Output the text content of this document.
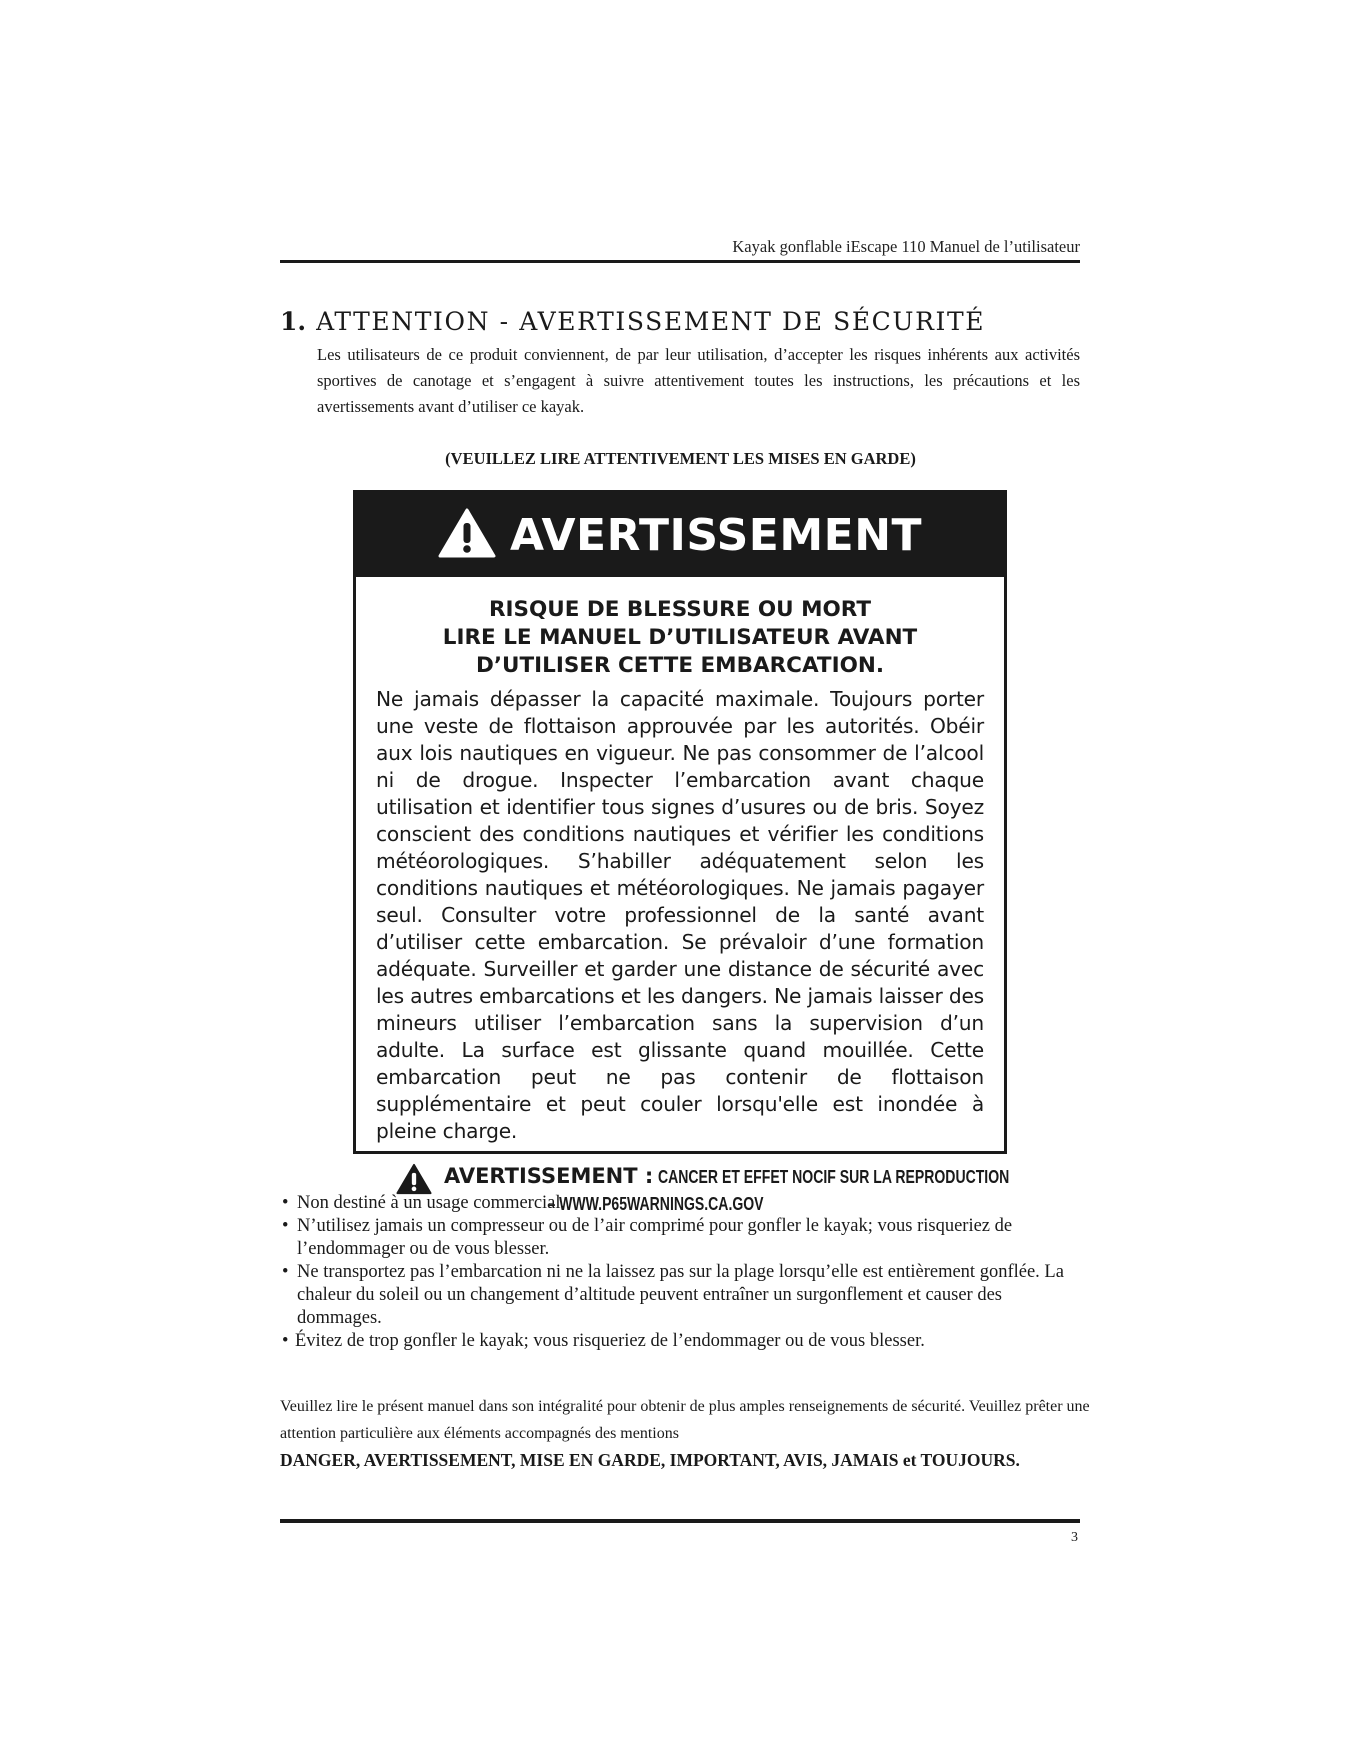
Kayak gonflable iEscape 110 Manuel de l’utilisateur
1. ATTENTION - AVERTISSEMENT DE SÉCURITÉ

Les utilisateurs de ce produit conviennent, de par leur utilisation, d’accepter les risques inhérents aux activités sportives de canotage et s’engagent à suivre attentivement toutes les instructions, les précautions et les avertissements avant d’utiliser ce kayak.

(VEUILLEZ LIRE ATTENTIVEMENT LES MISES EN GARDE)

AVERTISSEMENT
RISQUE DE BLESSURE OU MORT
LIRE LE MANUEL D’UTILISATEUR AVANT
D’UTILISER CETTE EMBARCATION.
Ne jamais dépasser la capacité maximale. Toujours porter une veste de flottaison approuvée par les autorités. Obéir aux lois nautiques en vigueur. Ne pas consommer de l’alcool ni de drogue. Inspecter l’embarcation avant chaque utilisation et identifier tous signes d’usures ou de bris. Soyez conscient des conditions nautiques et vérifier les conditions météorologiques. S’habiller adéquatement selon les conditions nautiques et météorologiques. Ne jamais pagayer seul. Consulter votre professionnel de la santé avant d’utiliser cette embarcation. Se prévaloir d’une formation adéquate. Surveiller et garder une distance de sécurité avec les autres embarcations et les dangers. Ne jamais laisser des mineurs utiliser l’embarcation sans la supervision d’un adulte. La surface est glissante quand mouillée. Cette embarcation peut ne pas contenir de flottaison supplémentaire et peut couler lorsqu'elle est inondée à pleine charge.
AVERTISSEMENT : CANCER ET EFFET NOCIF SUR LA REPRODUCTION
– WWW.P65WARNINGS.CA.GOV
• Non destiné à un usage commercial.
• N’utilisez jamais un compresseur ou de l’air comprimé pour gonfler le kayak; vous risqueriez de l’endommager ou de vous blesser.
• Ne transportez pas l’embarcation ni ne la laissez pas sur la plage lorsqu’elle est entièrement gonflée. La chaleur du soleil ou un changement d’altitude peuvent entraîner un surgonflement et causer des dommages.
• Évitez de trop gonfler le kayak; vous risqueriez de l’endommager ou de vous blesser.

Veuillez lire le présent manuel dans son intégralité pour obtenir de plus amples renseignements de sécurité. Veuillez prêter une attention particulière aux éléments accompagnés des mentions
DANGER, AVERTISSEMENT, MISE EN GARDE, IMPORTANT, AVIS, JAMAIS et TOUJOURS.

3
